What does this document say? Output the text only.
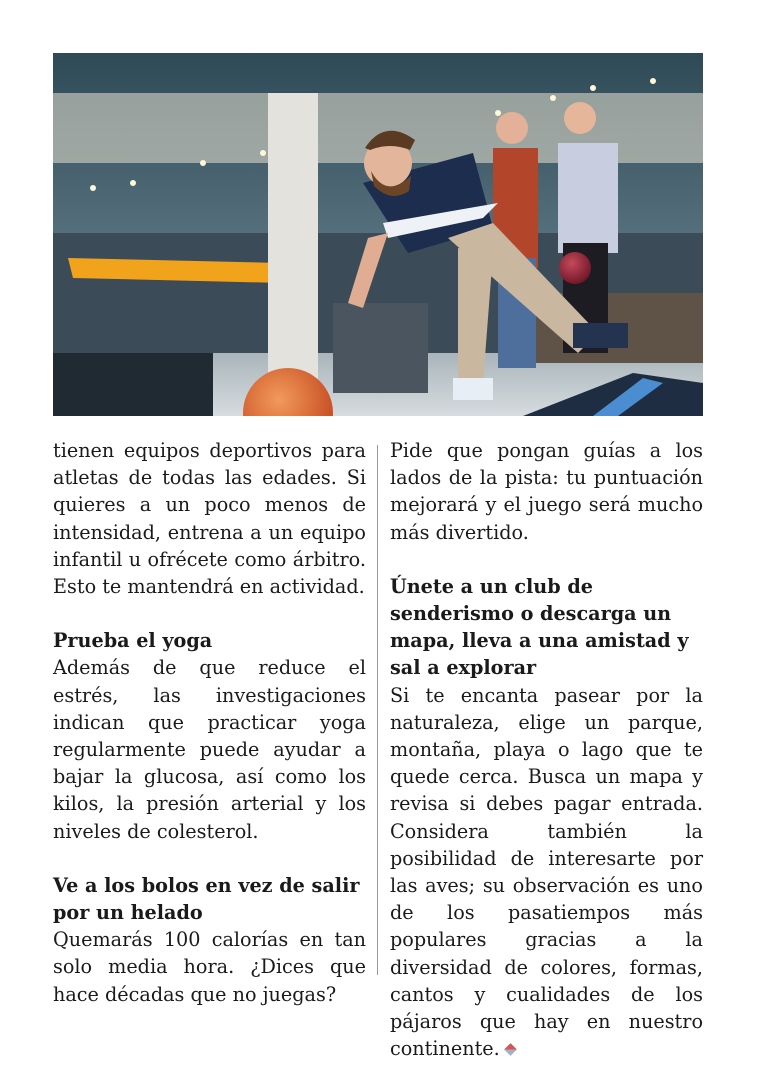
tienen equipos deportivos para atletas de todas las edades. Si quieres a un poco menos de intensidad, entrena a un equipo infantil u ofrécete como árbitro. Esto te mantendrá en actividad.

Prueba el yoga

Además de que reduce el estrés, las investigaciones indican que practicar yoga regularmente puede ayudar a bajar la glucosa, así como los kilos, la presión arterial y los niveles de colesterol.

Ve a los bolos en vez de salir por un helado

Quemarás 100 calorías en tan solo media hora. ¿Dices que hace décadas que no juegas?

Pide que pongan guías a los lados de la pista: tu puntuación mejorará y el juego será mucho más divertido.

Únete a un club de senderismo o descarga un mapa, lleva a una amistad y sal a explorar

Si te encanta pasear por la naturaleza, elige un parque, montaña, playa o lago que te quede cerca. Busca un mapa y revisa si debes pagar entrada. Considera también la posibilidad de interesarte por las aves; su observación es uno de los pasatiempos más populares gracias a la diversidad de colores, formas, cantos y cualidades de los pájaros que hay en nuestro continente.
